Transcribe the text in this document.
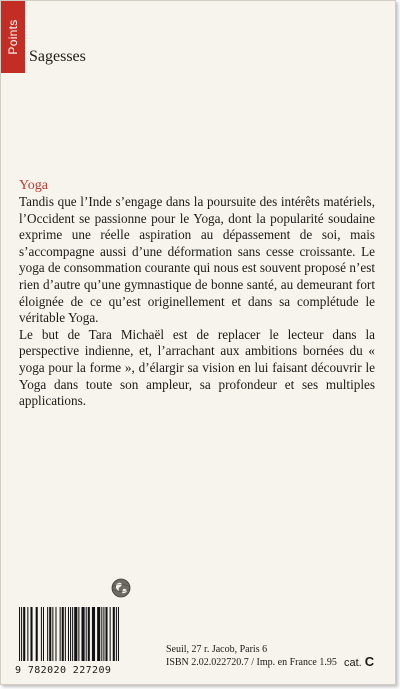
Points
Sagesses
Yoga

Tandis que l’Inde s’engage dans la poursuite des intérêts matériels, l’Occident se passionne pour le Yoga, dont la popularité soudaine exprime une réelle aspiration au dépassement de soi, mais s’accompagne aussi d’une déformation sans cesse croissante. Le yoga de consommation courante qui nous est souvent proposé n’est rien d’autre qu’une gymnastique de bonne santé, au demeurant fort éloignée de ce qu’est originellement et dans sa complétude le véritable Yoga.

Le but de Tara Michaël est de replacer le lecteur dans la perspective indienne, et, l’arrachant aux ambitions bornées du « yoga pour la forme », d’élargir sa vision en lui faisant découvrir le Yoga dans toute son ampleur, sa profondeur et ses multiples applications.

9 782020 227209
Seuil, 27 r. Jacob, Paris 6
ISBN 2.02.022720.7 / Imp. en France 1.95 cat. C
